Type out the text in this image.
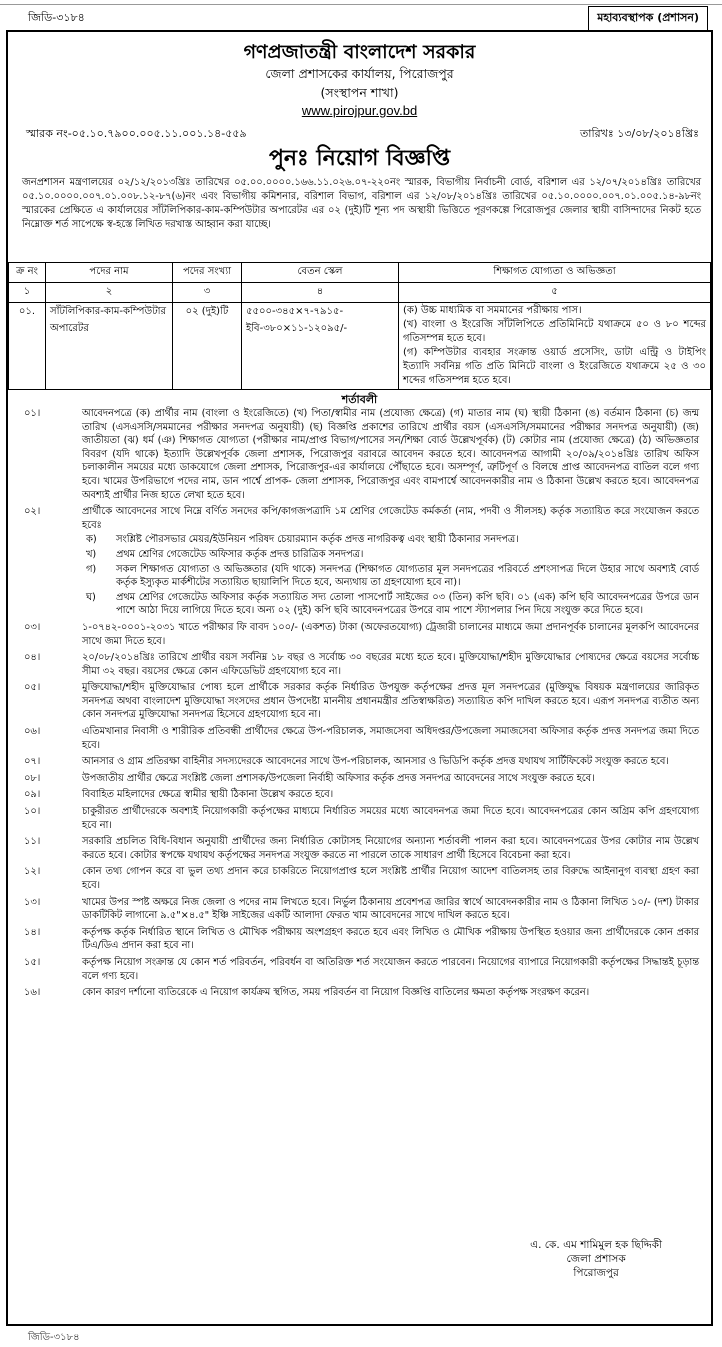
জিডি-৩১৮৪	মহাব্যবস্থাপক (প্রশাসন)
গণপ্রজাতন্ত্রী বাংলাদেশ সরকার
জেলা প্রশাসকের কার্যালয়, পিরোজপুর
(সংস্থাপন শাখা)
www.pirojpur.gov.bd
স্মারক নং-০৫.১০.৭৯০০.০০৫.১১.০০১.১৪-৫৫৯	তারিখঃ ১৩/০৮/২০১৪খ্রিঃ
পুনঃ নিয়োগ বিজ্ঞপ্তি
জনপ্রশাসন মন্ত্রণালয়ের ০২/১২/২০১৩খ্রিঃ তারিখের ০৫.০০.০০০০.১৬৬.১১.০২৬.০৭-২২০নং স্মারক, বিভাগীয় নির্বাচনী বোর্ড, বরিশাল এর ১২/০৭/২০১৪খ্রিঃ তারিখের ০৫.১০.০০০০.০০৭.০১.০০৮.১২-৮৭(৬)নং এবং বিভাগীয় কমিশনার, বরিশাল বিভাগ, বরিশাল এর ১২/০৮/২০১৪খ্রিঃ তারিখের ০৫.১০.০০০০.০০৭.০১.০০৫.১৪-৯৮নং স্মারকের প্রেক্ষিতে এ কার্যালয়ের সাঁটলিপিকার-কাম-কম্পিউটার অপারেটর এর ০২ (দুই)টি শূন্য পদ অস্থায়ী ভিত্তিতে পূরণকল্পে পিরোজপুর জেলার স্থায়ী বাসিন্দাদের নিকট হতে নিম্নোক্ত শর্ত সাপেক্ষে স্ব-হস্তে লিখিত দরখাস্ত আহ্বান করা যাচ্ছে।
ক্র নং	পদের নাম	পদের সংখ্যা	বেতন স্কেল	শিক্ষাগত যোগ্যতা ও অভিজ্ঞতা
১	২	৩	৪	৫
০১.	সাঁটলিপিকার-কাম-কম্পিউটার অপারেটর	০২ (দুই)টি	৫৫০০-৩৪৫×৭-৭৯১৫-ইবি-৩৮০×১১-১২০৯৫/-	(ক) উচ্চ মাধ্যমিক বা সমমানের পরীক্ষায় পাস।
(খ) বাংলা ও ইংরেজি সাঁটলিপিতে প্রতিমিনিটে যথাক্রমে ৫০ ও ৮০ শব্দের গতিসম্পন্ন হতে হবে।
(গ) কম্পিউটার ব্যবহার সংক্রান্ত ওয়ার্ড প্রসেসিং, ডাটা এন্ট্রি ও টাইপিং ইত্যাদি সর্বনিম্ন গতি প্রতি মিনিটে বাংলা ও ইংরেজিতে যথাক্রমে ২৫ ও ৩০ শব্দের গতিসম্পন্ন হতে হবে।
শর্তাবলী
০১।	আবেদনপত্রে (ক) প্রার্থীর নাম (বাংলা ও ইংরেজিতে) (খ) পিতা/স্বামীর নাম (প্রযোজ্য ক্ষেত্রে) (গ) মাতার নাম (ঘ) স্থায়ী ঠিকানা (ঙ) বর্তমান ঠিকানা (চ) জন্ম তারিখ (এসএসসি/সমমানের পরীক্ষার সনদপত্র অনুযায়ী) (ছ) বিজ্ঞপ্তি প্রকাশের তারিখে প্রার্থীর বয়স (এসএসসি/সমমানের পরীক্ষার সনদপত্র অনুযায়ী) (জ) জাতীয়তা (ঝ) ধর্ম (ঞ) শিক্ষাগত যোগ্যতা (পরীক্ষার নাম/প্রাপ্ত বিভাগ/পাসের সন/শিক্ষা বোর্ড উল্লেখপূর্বক) (ট) কোটার নাম (প্রযোজ্য ক্ষেত্রে) (ঠ) অভিজ্ঞতার বিবরণ (যদি থাকে) ইত্যাদি উল্লেখপূর্বক জেলা প্রশাসক, পিরোজপুর বরাবরে আবেদন করতে হবে। আবেদনপত্র আগামী ২০/০৯/২০১৪খ্রিঃ তারিখ অফিস চলাকালীন সময়ের মধ্যে ডাকযোগে জেলা প্রশাসক, পিরোজপুর-এর কার্যালয়ে পৌঁছাতে হবে। অসম্পূর্ণ, ত্রুটিপূর্ণ ও বিলম্বে প্রাপ্ত আবেদনপত্র বাতিল বলে গণ্য হবে। খামের উপরিভাগে পদের নাম, ডান পার্শ্বে প্রাপক- জেলা প্রশাসক, পিরোজপুর এবং বামপার্শ্বে আবেদনকারীর নাম ও ঠিকানা উল্লেখ করতে হবে। আবেদনপত্র অবশ্যই প্রার্থীর নিজ হাতে লেখা হতে হবে।
০২।	প্রার্থীকে আবেদনের সাথে নিম্নে বর্ণিত সনদের কপি/কাগজপত্রাদি ১ম শ্রেণির গেজেটেড কর্মকর্তা (নাম, পদবী ও সীলসহ) কর্তৃক সত্যায়িত করে সংযোজন করতে হবেঃ
ক)	সংশ্লিষ্ট পৌরসভার মেয়র/ইউনিয়ন পরিষদ চেয়ারম্যান কর্তৃক প্রদত্ত নাগরিকত্ব এবং স্থায়ী ঠিকানার সনদপত্র।
খ)	প্রথম শ্রেণির গেজেটেড অফিসার কর্তৃক প্রদত্ত চারিত্রিক সনদপত্র।
গ)	সকল শিক্ষাগত যোগ্যতা ও অভিজ্ঞতার (যদি থাকে) সনদপত্র (শিক্ষাগত যোগ্যতার মূল সনদপত্রের পরিবর্তে প্রশংসাপত্র দিলে উহার সাথে অবশ্যই বোর্ড কর্তৃক ইস্যুকৃত মার্কশীটের সত্যায়িত ছায়ালিপি দিতে হবে, অন্যথায় তা গ্রহণযোগ্য হবে না)।
ঘ)	প্রথম শ্রেণির গেজেটেড অফিসার কর্তৃক সত্যায়িত সদ্য তোলা পাসপোর্ট সাইজের ০৩ (তিন) কপি ছবি। ০১ (এক) কপি ছবি আবেদনপত্রের উপরে ডান পাশে আঠা দিয়ে লাগিয়ে দিতে হবে। অন্য ০২ (দুই) কপি ছবি আবেদনপত্রের উপরে বাম পাশে স্ট্যাপলার পিন দিয়ে সংযুক্ত করে দিতে হবে।
০৩।	১-০৭৪২-০০০১-২০৩১ খাতে পরীক্ষার ফি বাবদ ১০০/- (একশত) টাকা (অফেরতযোগ্য) ট্রেজারী চালানের মাধ্যমে জমা প্রদানপূর্বক চালানের মূলকপি আবেদনের সাথে জমা দিতে হবে।
০৪।	২০/০৮/২০১৪খ্রিঃ তারিখে প্রার্থীর বয়স সর্বনিম্ন ১৮ বছর ও সর্বোচ্চ ৩০ বছরের মধ্যে হতে হবে। মুক্তিযোদ্ধা/শহীদ মুক্তিযোদ্ধার পোষ্যদের ক্ষেত্রে বয়সের সর্বোচ্চ সীমা ৩২ বছর। বয়সের ক্ষেত্রে কোন এফিডেভিট গ্রহণযোগ্য হবে না।
০৫।	মুক্তিযোদ্ধা/শহীদ মুক্তিযোদ্ধার পোষ্য হলে প্রার্থীকে সরকার কর্তৃক নির্ধারিত উপযুক্ত কর্তৃপক্ষের প্রদত্ত মূল সনদপত্রের (মুক্তিযুদ্ধ বিষয়ক মন্ত্রণালয়ের জারিকৃত সনদপত্র অথবা বাংলাদেশ মুক্তিযোদ্ধা সংসদের প্রধান উপদেষ্টা মাননীয় প্রধানমন্ত্রীর প্রতিস্বাক্ষরিত) সত্যায়িত কপি দাখিল করতে হবে। এরূপ সনদপত্র ব্যতীত অন্য কোন সনদপত্র মুক্তিযোদ্ধা সনদপত্র হিসেবে গ্রহণযোগ্য হবে না।
০৬।	এতিমখানার নিবাসী ও শারীরিক প্রতিবন্ধী প্রার্থীদের ক্ষেত্রে উপ-পরিচালক, সমাজসেবা অধিদপ্তর/উপজেলা সমাজসেবা অফিসার কর্তৃক প্রদত্ত সনদপত্র জমা দিতে হবে।
০৭।	আনসার ও গ্রাম প্রতিরক্ষা বাহিনীর সদস্যদেরকে আবেদনের সাথে উপ-পরিচালক, আনসার ও ভিডিপি কর্তৃক প্রদত্ত যথাযথ সার্টিফিকেট সংযুক্ত করতে হবে।
০৮।	উপজাতীয় প্রার্থীর ক্ষেত্রে সংশ্লিষ্ট জেলা প্রশাসক/উপজেলা নির্বাহী অফিসার কর্তৃক প্রদত্ত সনদপত্র আবেদনের সাথে সংযুক্ত করতে হবে।
০৯।	বিবাহিত মহিলাদের ক্ষেত্রে স্বামীর স্থায়ী ঠিকানা উল্লেখ করতে হবে।
১০।	চাকুরীরত প্রার্থীদেরকে অবশ্যই নিয়োগকারী কর্তৃপক্ষের মাধ্যমে নির্ধারিত সময়ের মধ্যে আবেদনপত্র জমা দিতে হবে। আবেদনপত্রের কোন অগ্রিম কপি গ্রহণযোগ্য হবে না।
১১।	সরকারি প্রচলিত বিধি-বিধান অনুযায়ী প্রার্থীদের জন্য নির্ধারিত কোটাসহ নিয়োগের অন্যান্য শর্তাবলী পালন করা হবে। আবেদনপত্রের উপর কোটার নাম উল্লেখ করতে হবে। কোটার স্বপক্ষে যথাযথ কর্তৃপক্ষের সনদপত্র সংযুক্ত করতে না পারলে তাকে সাধারণ প্রার্থী হিসেবে বিবেচনা করা হবে।
১২।	কোন তথ্য গোপন করে বা ভুল তথ্য প্রদান করে চাকরিতে নিয়োগপ্রাপ্ত হলে সংশ্লিষ্ট প্রার্থীর নিয়োগ আদেশ বাতিলসহ তার বিরুদ্ধে আইনানুগ ব্যবস্থা গ্রহণ করা হবে।
১৩।	খামের উপর স্পষ্ট অক্ষরে নিজ জেলা ও পদের নাম লিখতে হবে। নির্ভুল ঠিকানায় প্রবেশপত্র জারির স্বার্থে আবেদনকারীর নাম ও ঠিকানা লিখিত ১০/- (দশ) টাকার ডাকটিকিট লাগানো ৯.৫"×৪.৫" ইঞ্চি সাইজের একটি আলাদা ফেরত খাম আবেদনের সাথে দাখিল করতে হবে।
১৪।	কর্তৃপক্ষ কর্তৃক নির্ধারিত স্থানে লিখিত ও মৌখিক পরীক্ষায় অংশগ্রহণ করতে হবে এবং লিখিত ও মৌখিক পরীক্ষায় উপস্থিত হওয়ার জন্য প্রার্থীদেরকে কোন প্রকার টিএ/ডিএ প্রদান করা হবে না।
১৫।	কর্তৃপক্ষ নিয়োগ সংক্রান্ত যে কোন শর্ত পরিবর্তন, পরিবর্ধন বা অতিরিক্ত শর্ত সংযোজন করতে পারবেন। নিয়োগের ব্যাপারে নিয়োগকারী কর্তৃপক্ষের সিদ্ধান্তই চূড়ান্ত বলে গণ্য হবে।
১৬।	কোন কারণ দর্শানো ব্যতিরেকে এ নিয়োগ কার্যক্রম স্থগিত, সময় পরিবর্তন বা নিয়োগ বিজ্ঞপ্তি বাতিলের ক্ষমতা কর্তৃপক্ষ সংরক্ষণ করেন।
এ. কে. এম শামিমুল হক ছিদ্দিকী
জেলা প্রশাসক
পিরোজপুর
জিডি-৩১৮৪
